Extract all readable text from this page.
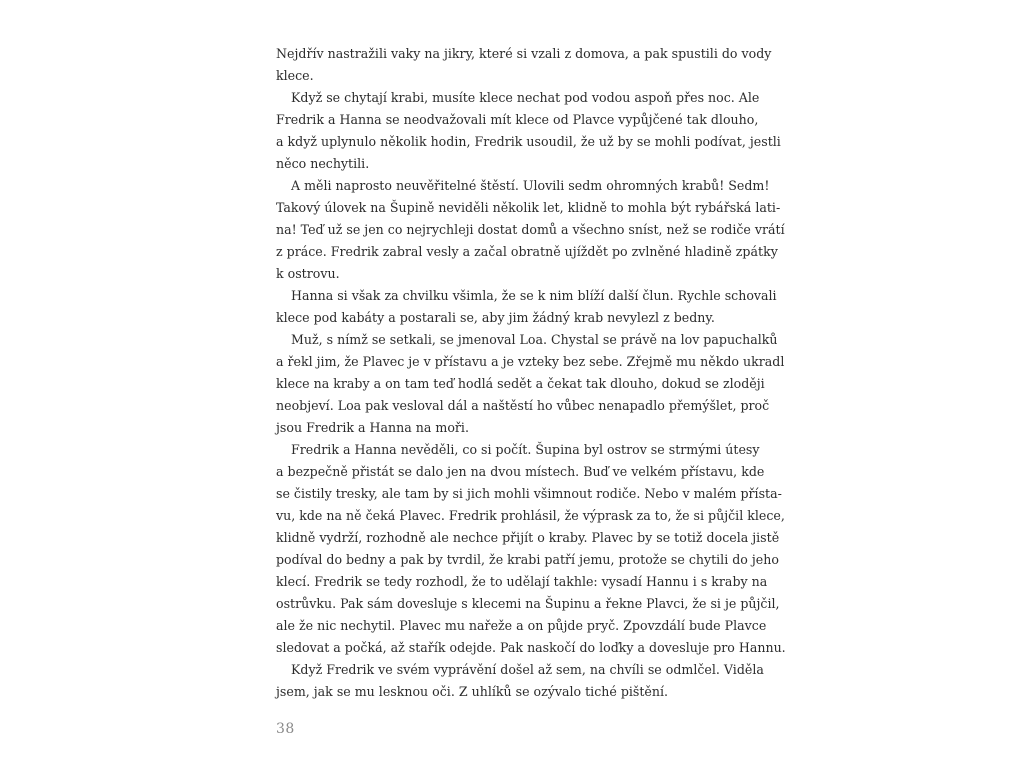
Nejdřív nastražili vaky na jikry, které si vzali z domova, a pak spustili do vody
klece.
Když se chytají krabi, musíte klece nechat pod vodou aspoň přes noc. Ale
Fredrik a Hanna se neodvažovali mít klece od Plavce vypůjčené tak dlouho,
a když uplynulo několik hodin, Fredrik usoudil, že už by se mohli podívat, jestli
něco nechytili.
A měli naprosto neuvěřitelné štěstí. Ulovili sedm ohromných krabů! Sedm!
Takový úlovek na Šupině neviděli několik let, klidně to mohla být rybářská lati-
na! Teď už se jen co nejrychleji dostat domů a všechno sníst, než se rodiče vrátí
z práce. Fredrik zabral vesly a začal obratně ujíždět po zvlněné hladině zpátky
k ostrovu.
Hanna si však za chvilku všimla, že se k nim blíží další člun. Rychle schovali
klece pod kabáty a postarali se, aby jim žádný krab nevylezl z bedny.
Muž, s nímž se setkali, se jmenoval Loa. Chystal se právě na lov papuchalků
a řekl jim, že Plavec je v přístavu a je vzteky bez sebe. Zřejmě mu někdo ukradl
klece na kraby a on tam teď hodlá sedět a čekat tak dlouho, dokud se zloději
neobjeví. Loa pak vesloval dál a naštěstí ho vůbec nenapadlo přemýšlet, proč
jsou Fredrik a Hanna na moři.
Fredrik a Hanna nevěděli, co si počít. Šupina byl ostrov se strmými útesy
a bezpečně přistát se dalo jen na dvou místech. Buď ve velkém přístavu, kde
se čistily tresky, ale tam by si jich mohli všimnout rodiče. Nebo v malém přísta-
vu, kde na ně čeká Plavec. Fredrik prohlásil, že výprask za to, že si půjčil klece,
klidně vydrží, rozhodně ale nechce přijít o kraby. Plavec by se totiž docela jistě
podíval do bedny a pak by tvrdil, že krabi patří jemu, protože se chytili do jeho
klecí. Fredrik se tedy rozhodl, že to udělají takhle: vysadí Hannu i s kraby na
ostrůvku. Pak sám dovesluje s klecemi na Šupinu a řekne Plavci, že si je půjčil,
ale že nic nechytil. Plavec mu nařeže a on půjde pryč. Zpovzdálí bude Plavce
sledovat a počká, až stařík odejde. Pak naskočí do loďky a dovesluje pro Hannu.
Když Fredrik ve svém vyprávění došel až sem, na chvíli se odmlčel. Viděla
jsem, jak se mu lesknou oči. Z uhlíků se ozývalo tiché pištění.
38
